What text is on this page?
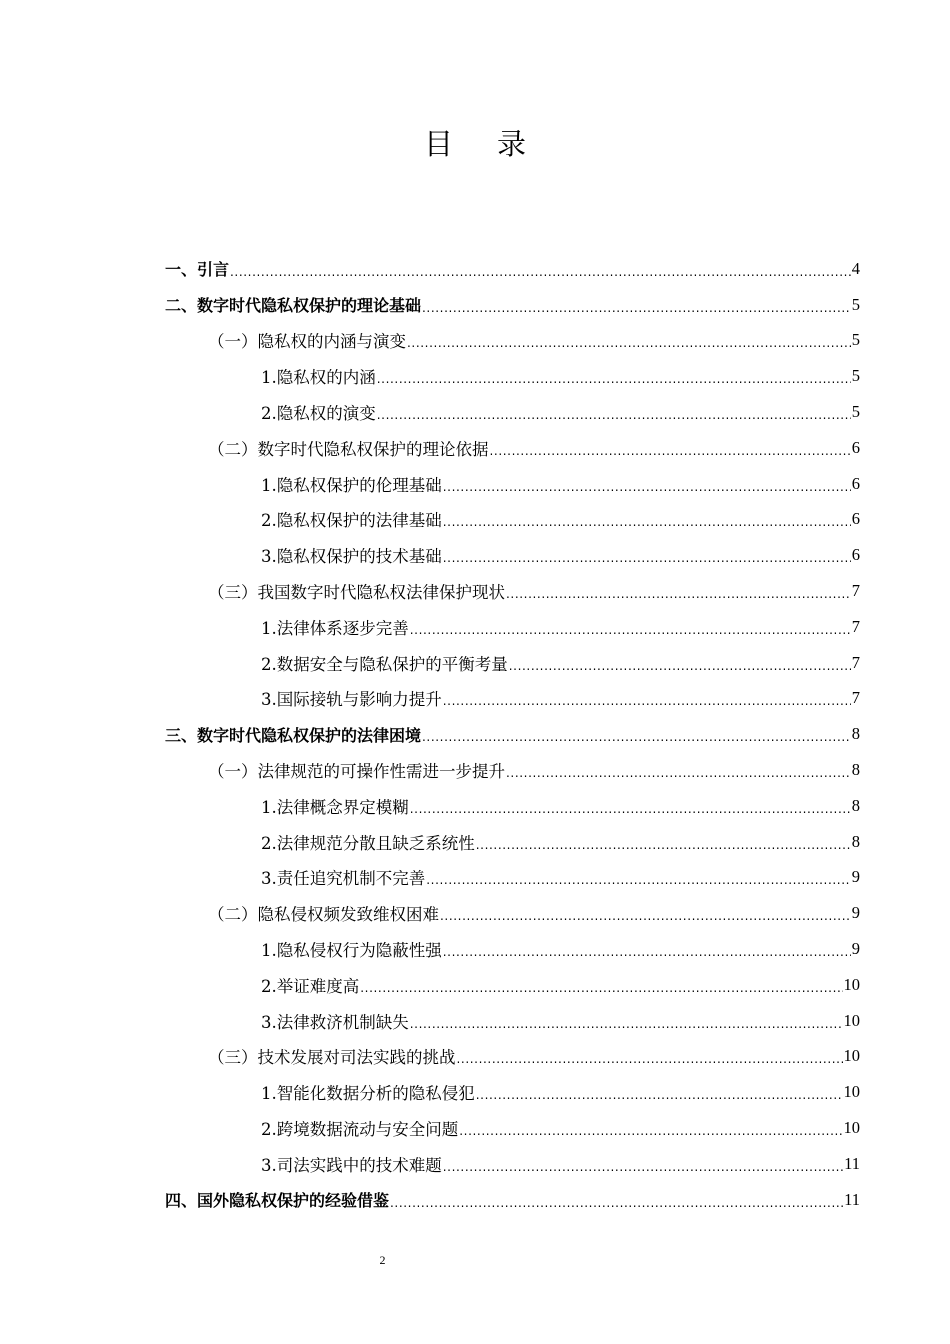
目 录
一、引言 .....	4
二、数字时代隐私权保护的理论基础 .....	5
（一）隐私权的内涵与演变 .....	5
1.隐私权的内涵 .....	5
2.隐私权的演变 .....	5
（二）数字时代隐私权保护的理论依据 .....	6
1.隐私权保护的伦理基础 .....	6
2.隐私权保护的法律基础 .....	6
3.隐私权保护的技术基础 .....	6
（三）我国数字时代隐私权法律保护现状 .....	7
1.法律体系逐步完善 .....	7
2.数据安全与隐私保护的平衡考量 .....	7
3.国际接轨与影响力提升 .....	7
三、数字时代隐私权保护的法律困境 .....	8
（一）法律规范的可操作性需进一步提升 .....	8
1.法律概念界定模糊 .....	8
2.法律规范分散且缺乏系统性 .....	8
3.责任追究机制不完善 .....	9
（二）隐私侵权频发致维权困难 .....	9
1.隐私侵权行为隐蔽性强 .....	9
2.举证难度高 .....	10
3.法律救济机制缺失 .....	10
（三）技术发展对司法实践的挑战 .....	10
1.智能化数据分析的隐私侵犯 .....	10
2.跨境数据流动与安全问题 .....	10
3.司法实践中的技术难题 .....	11
四、国外隐私权保护的经验借鉴 .....	11
2
